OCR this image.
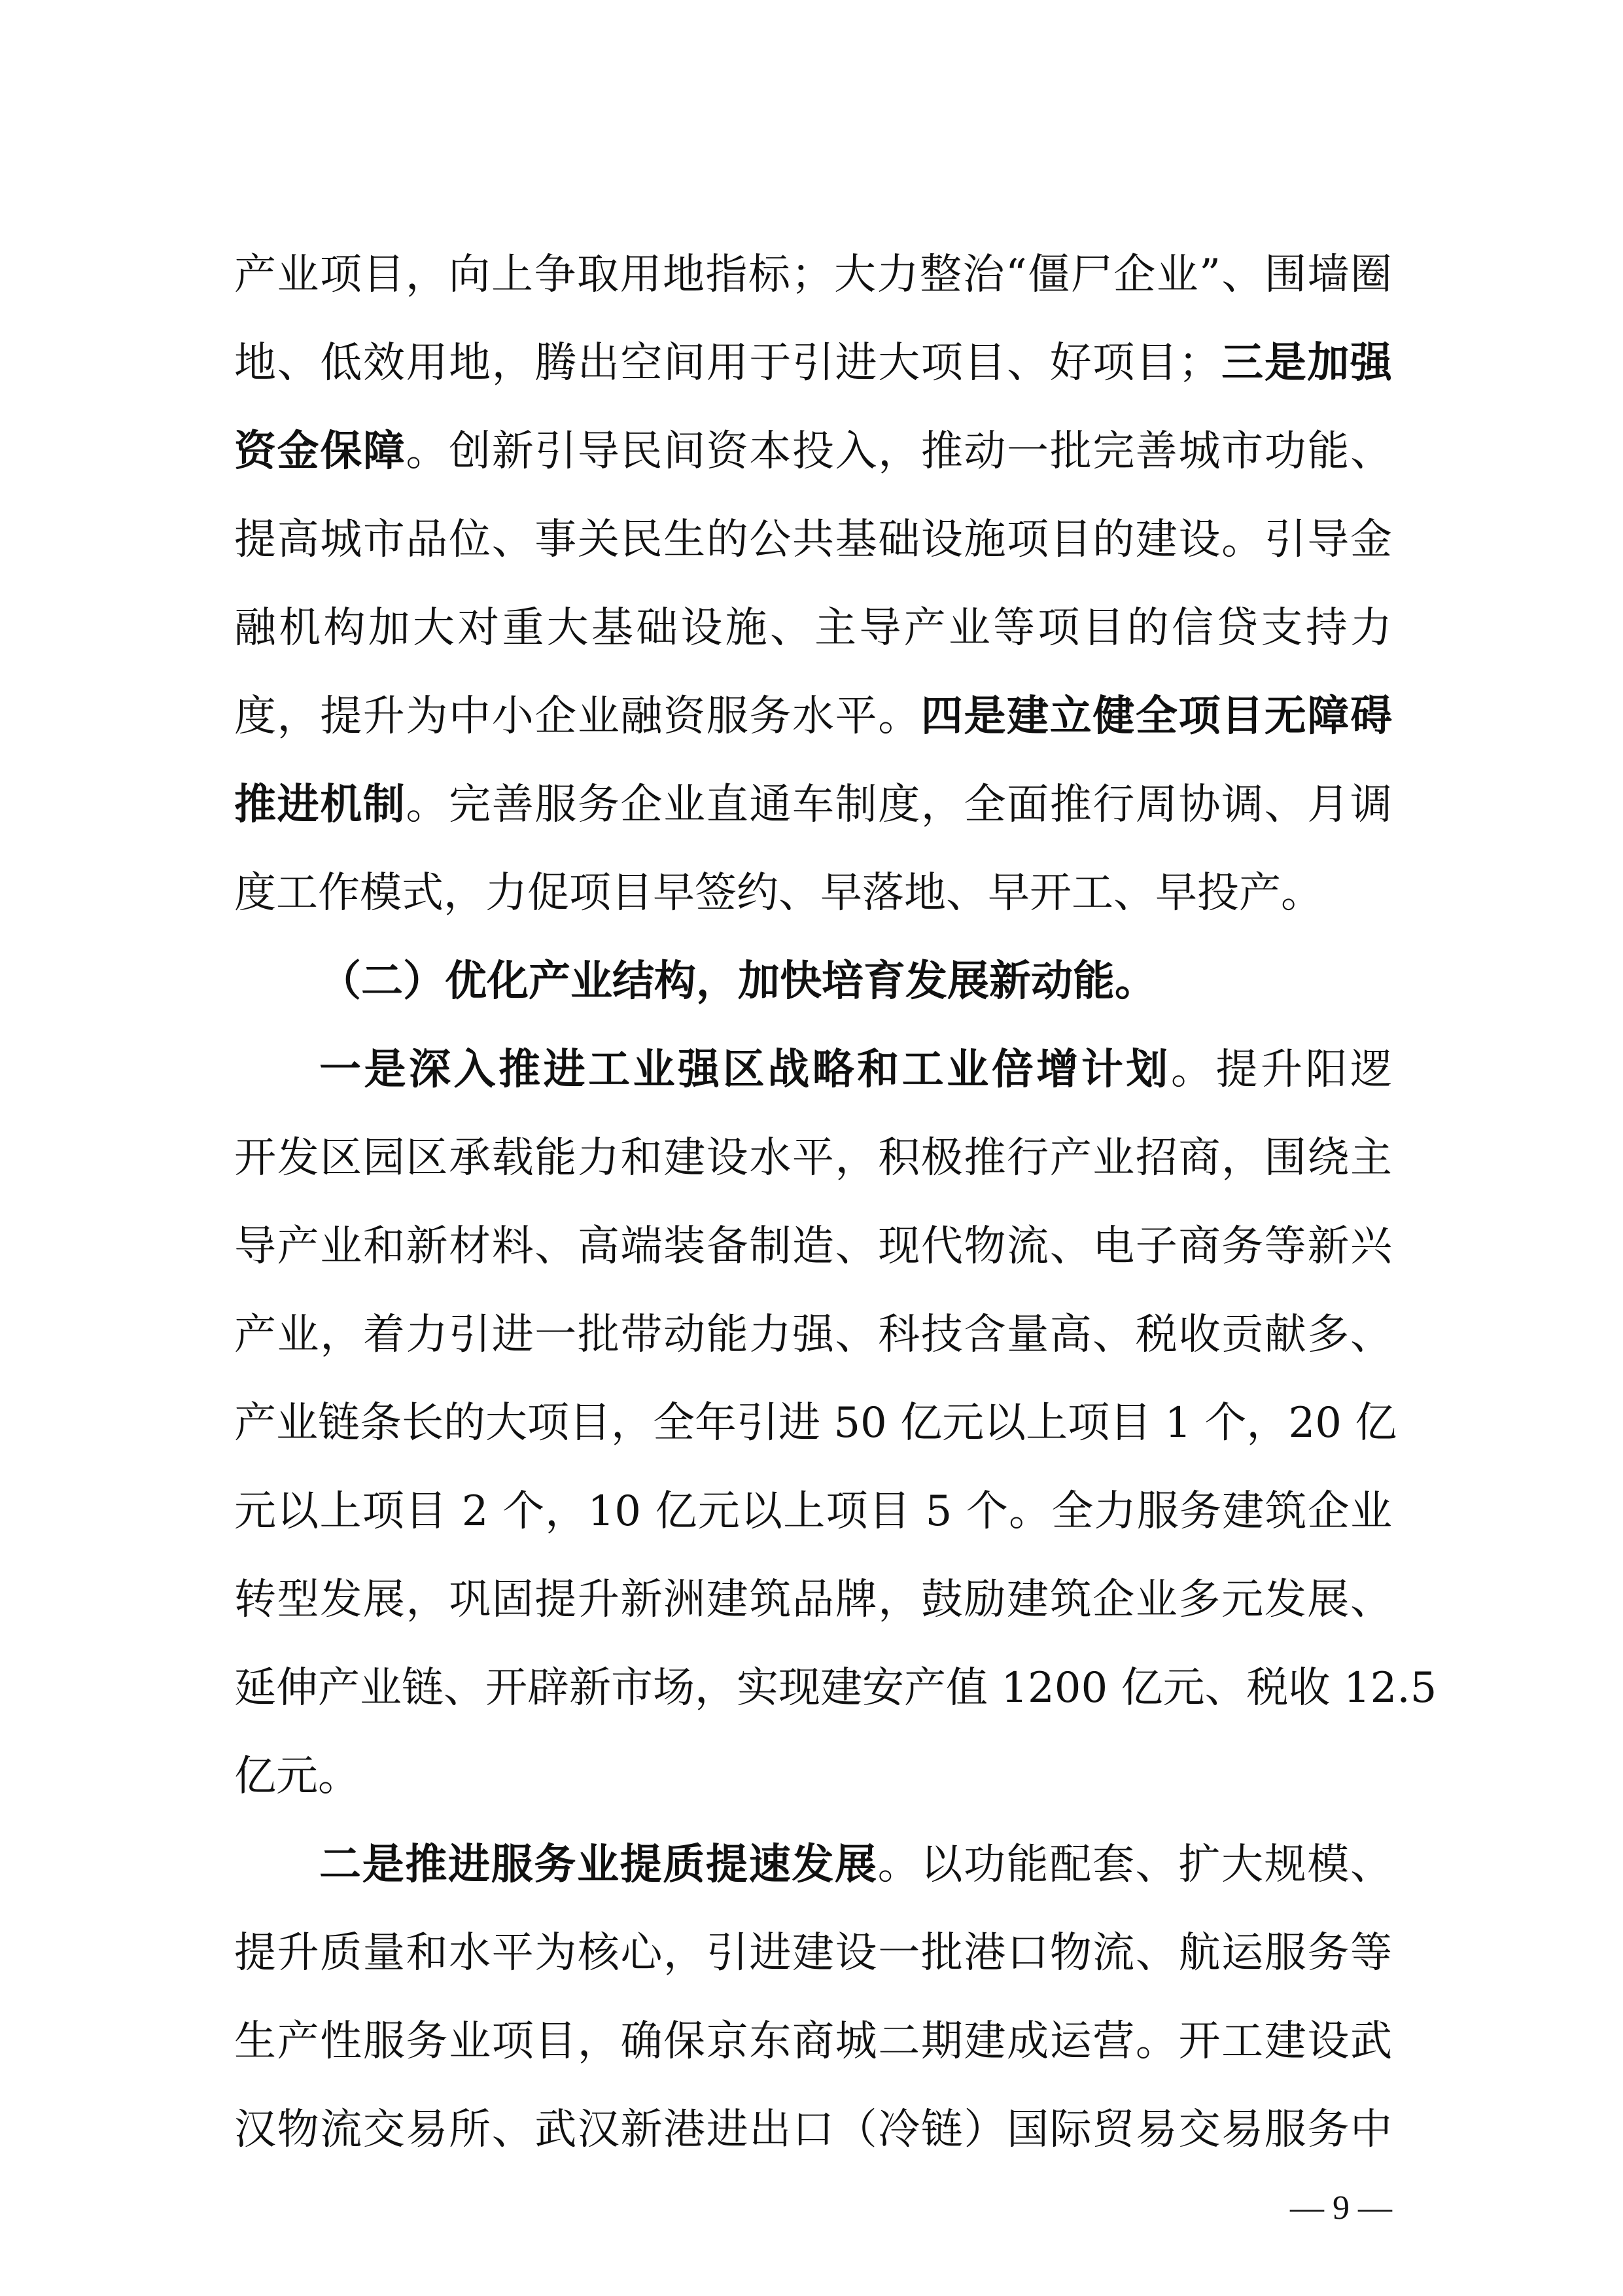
产业项目，向上争取用地指标；大力整治“僵尸企业”、围墙圈
地、低效用地，腾出空间用于引进大项目、好项目；三是加强
资金保障。创新引导民间资本投入，推动一批完善城市功能、
提高城市品位、事关民生的公共基础设施项目的建设。引导金
融机构加大对重大基础设施、主导产业等项目的信贷支持力
度，提升为中小企业融资服务水平。四是建立健全项目无障碍
推进机制。完善服务企业直通车制度，全面推行周协调、月调
度工作模式，力促项目早签约、早落地、早开工、早投产。
（二）优化产业结构，加快培育发展新动能。
一是深入推进工业强区战略和工业倍增计划。提升阳逻
开发区园区承载能力和建设水平，积极推行产业招商，围绕主
导产业和新材料、高端装备制造、现代物流、电子商务等新兴
产业，着力引进一批带动能力强、科技含量高、税收贡献多、
产业链条长的大项目，全年引进 50 亿元以上项目 1 个，20 亿
元以上项目 2 个，10 亿元以上项目 5 个。全力服务建筑企业
转型发展，巩固提升新洲建筑品牌，鼓励建筑企业多元发展、
延伸产业链、开辟新市场，实现建安产值 1200 亿元、税收 12.5
亿元。
二是推进服务业提质提速发展。以功能配套、扩大规模、
提升质量和水平为核心，引进建设一批港口物流、航运服务等
生产性服务业项目，确保京东商城二期建成运营。开工建设武
汉物流交易所、武汉新港进出口（冷链）国际贸易交易服务中
— 9 —
